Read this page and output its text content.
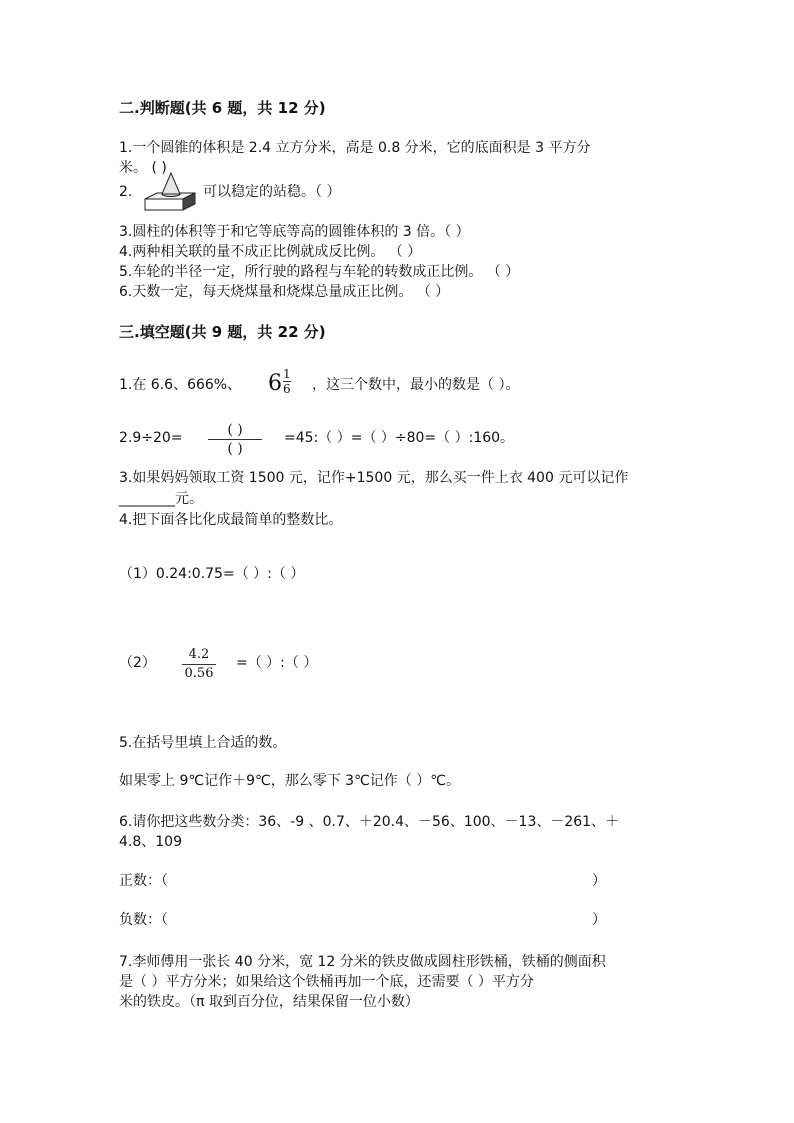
二.判断题(共 6 题，共 12 分)
1.一个圆锥的体积是 2.4 立方分米，高是 0.8 分米，它的底面积是 3 平方分
米。 ( )
2.	可以稳定的站稳。（ ）
3.圆柱的体积等于和它等底等高的圆锥体积的 3 倍。（ ）
4.两种相关联的量不成正比例就成反比例。 （ ）
5.车轮的半径一定，所行驶的路程与车轮的转数成正比例。 （ ）
6.天数一定，每天烧煤量和烧煤总量成正比例。 （ ）
三.填空题(共 9 题，共 22 分)
1.在 6.6、666%、 6 1
6 ，这三个数中，最小的数是（ ）。
2.9÷20=	( )
( )
=45:（ ）=（ ）÷80=（ ）:160。
3.如果妈妈领取工资 1500 元，记作+1500 元，那么买一件上衣 400 元可以记作
________元。
4.把下面各比化成最简单的整数比。
（1）0.24:0.75=（ ）:（ ）
（2）
4.2
0.56
=（ ）:（ ）
5.在括号里填上合适的数。
如果零上 9℃记作＋9℃，那么零下 3℃记作（ ）℃。
6.请你把这些数分类：36、-9 、0.7、＋20.4、－56、100、－13、－261、＋
4.8、109
正数：（	）
负数：（	）
7.李师傅用一张长 40 分米，宽 12 分米的铁皮做成圆柱形铁桶，铁桶的侧面积
是（ ）平方分米；如果给这个铁桶再加一个底，还需要（ ）平方分
米的铁皮。（π 取到百分位，结果保留一位小数）
